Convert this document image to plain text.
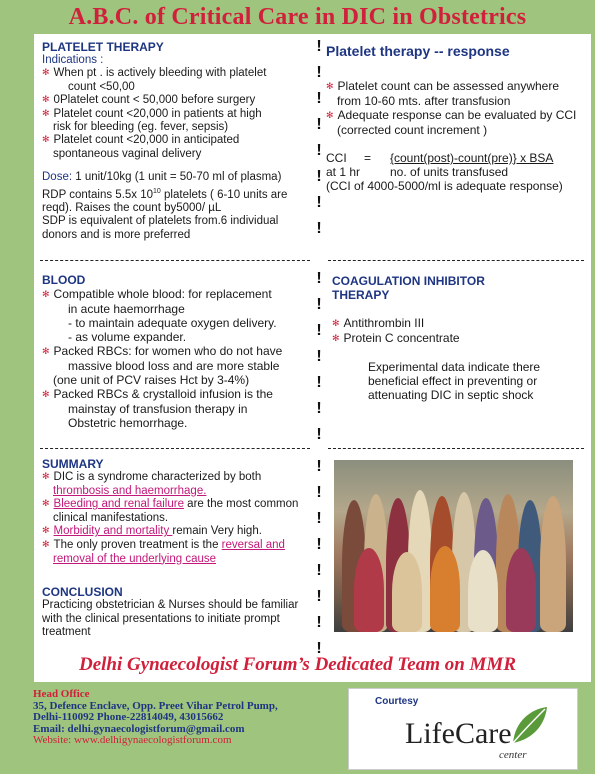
A.B.C. of Critical Care in DIC in Obstetrics
PLATELET THERAPY
Indications :
✻ When pt . is actively bleeding with platelet
count <50,00
✻ 0Platelet count < 50,000 before surgery
✻ Platelet count <20,000 in patients at high
risk for bleeding (eg. fever, sepsis)
✻ Platelet count <20,000 in anticipated
spontaneous vaginal delivery
Dose: 1 unit/10kg (1 unit = 50-70 ml of plasma)
RDP contains 5.5x $10^{10}$ platelets ( 6-10 units are
reqd). Raises the count by5000/ µL
SDP is equivalent of platelets from.6 individual
donors and is more preferred
Platelet therapy -- response
✻ Platelet count can be assessed anywhere
from 10-60 mts. after transfusion
✻ Adequate response can be evaluated by CCI
(corrected count increment )
CCI = {count(post)-count(pre)} x BSA
at 1 hr no. of units transfused
(CCI of 4000-5000/ml is adequate response)
BLOOD
✻ Compatible whole blood: for replacement
in acute haemorrhage
- to maintain adequate oxygen delivery.
- as volume expander.
✻ Packed RBCs: for women who do not have
massive blood loss and are more stable
(one unit of PCV raises Hct by 3-4%)
✻ Packed RBCs & crystalloid infusion is the
mainstay of transfusion therapy in
Obstetric hemorrhage.
COAGULATION INHIBITOR
THERAPY
✻ Antithrombin III
✻ Protein C concentrate
Experimental data indicate there
beneficial effect in preventing or
attenuating DIC in septic shock
SUMMARY
✻ DIC is a syndrome characterized by both
thrombosis and haemorrhage.
✻ Bleeding and renal failure are the most common
clinical manifestations.
✻ Morbidity and mortality remain Very high.
✻ The only proven treatment is the reversal and
removal of the underlying cause
CONCLUSION
Practicing obstetrician & Nurses should be familiar
with the clinical presentations to initiate prompt
treatment
!
!
!
!
!
!
!
!
!
!
!
!
!
!
!
!
!
!
!
!
!
!
!
Delhi Gynaecologist Forum’s Dedicated Team on MMR
Head Office
35, Defence Enclave, Opp. Preet Vihar Petrol Pump,
Delhi-110092 Phone-22814049, 43015662
Email: delhi.gynaecologistforum@gmail.com
Website: www.delhigynaecologistforum.com
Courtesy
LifeCare
center
